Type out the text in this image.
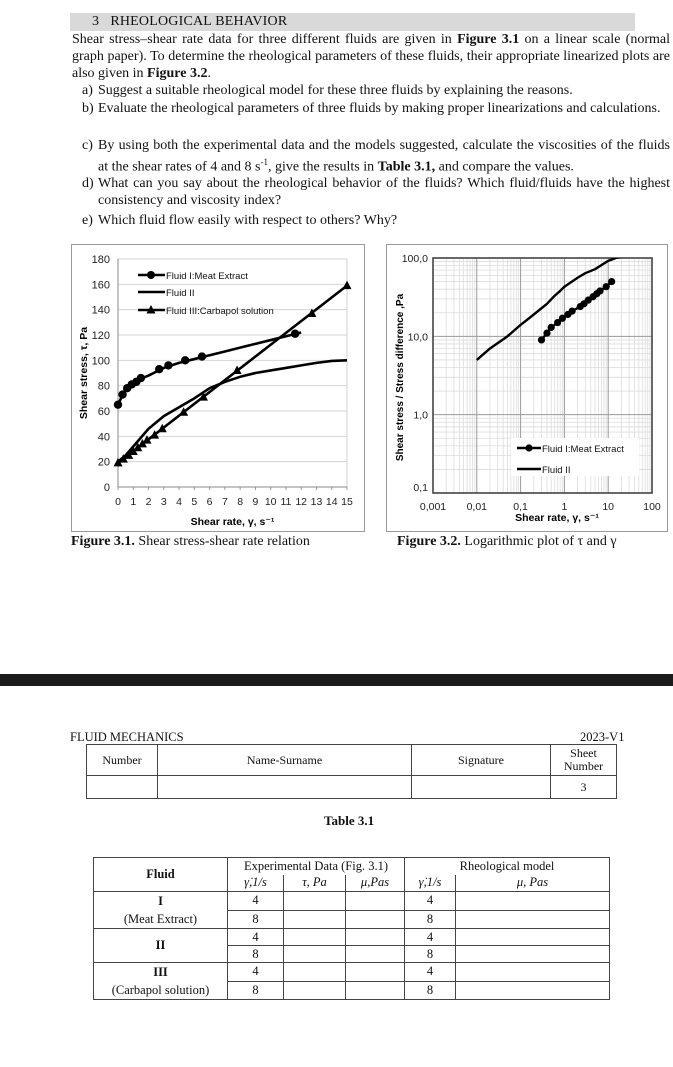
3 RHEOLOGICAL BEHAVIOR
Shear stress–shear rate data for three different fluids are given in Figure 3.1 on a linear scale (normal graph paper). To determine the rheological parameters of these fluids, their appropriate linearized plots are also given in Figure 3.2.
a) Suggest a suitable rheological model for these three fluids by explaining the reasons.
b) Evaluate the rheological parameters of three fluids by making proper linearizations and calculations.
c) By using both the experimental data and the models suggested, calculate the viscosities of the fluids at the shear rates of 4 and 8 $s^{-1}$, give the results in Table 3.1, and compare the values.
d) What can you say about the rheological behavior of the fluids? Which fluid/fluids have the highest consistency and viscosity index?
e) Which fluid flow easily with respect to others? Why?
0
20
40
60
80
100
120
140
160
180
0 1 2 3 4 5 6 7 8 9 10 11 12 13 14 15
Shear rate, γ, s⁻¹
Shear stress, τ, Pa
Fluid I:Meat Extract
Fluid II
Fluid III:Carbapol solution
Figure 3.1. Shear stress-shear rate relation
0,001 0,01	0,1	1	10	100
0,1
1,0
10,0
100,0
Shear rate, γ, s⁻¹
Shear stress / Stress difference ,Pa	Fluid I:Meat Extract
Fluid II
Figure 3.2. Logarithmic plot of τ and γ
FLUID MECHANICS	2023-V1
Number	Name-Surname	Signature	Sheet Number
			3
Table 3.1
Fluid	Experimental Data (Fig. 3.1)			Rheological model	
	γ̇,1/s	τ, Pa	μ,Pas	γ̇,1/s	μ, Pas
I
(Meat Extract)	4			4	
	8			8	
II	4			4	
	8			8	
III
(Carbapol solution)	4			4	
	8			8	
